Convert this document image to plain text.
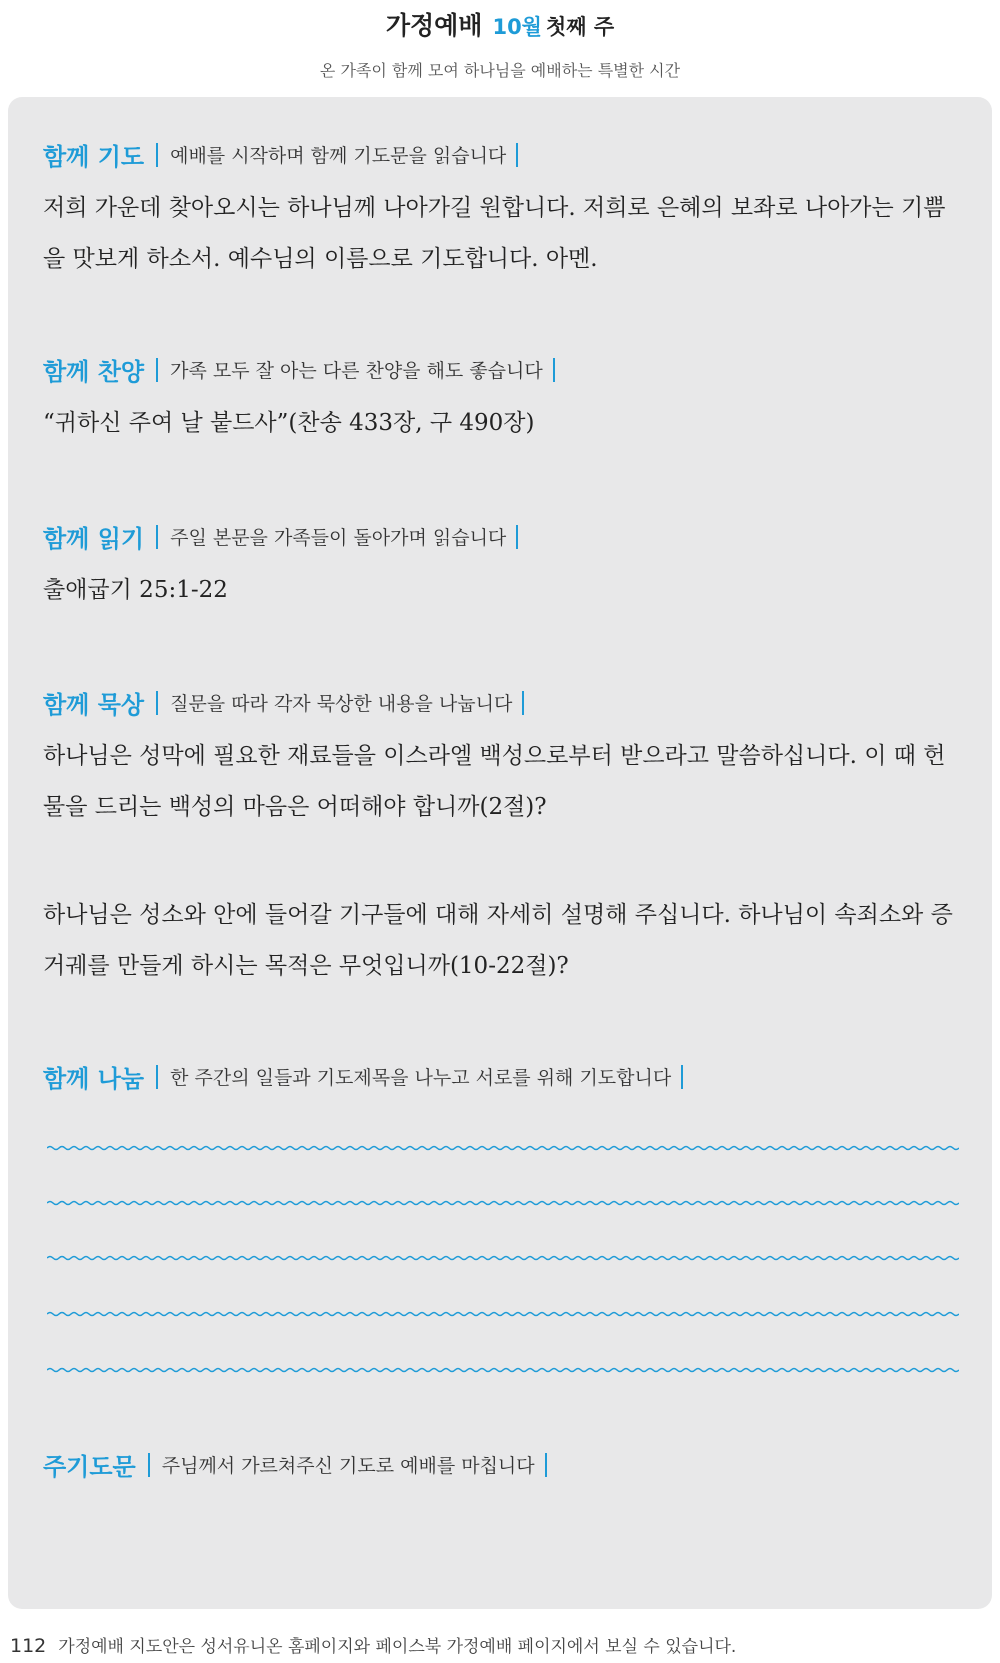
가정예배 10월 첫째 주
온 가족이 함께 모여 하나님을 예배하는 특별한 시간
함께 기도 예배를 시작하며 함께 기도문을 읽습니다

저희 가운데 찾아오시는 하나님께 나아가길 원합니다. 저희로 은혜의 보좌로 나아가는 기쁨을 맛보게 하소서. 예수님의 이름으로 기도합니다. 아멘.

함께 찬양 가족 모두 잘 아는 다른 찬양을 해도 좋습니다

“귀하신 주여 날 붙드사”(찬송 433장, 구 490장)

함께 읽기 주일 본문을 가족들이 돌아가며 읽습니다

출애굽기 25:1-22

함께 묵상 질문을 따라 각자 묵상한 내용을 나눕니다

하나님은 성막에 필요한 재료들을 이스라엘 백성으로부터 받으라고 말씀하십니다. 이 때 헌물을 드리는 백성의 마음은 어떠해야 합니까(2절)?

하나님은 성소와 안에 들어갈 기구들에 대해 자세히 설명해 주십니다. 하나님이 속죄소와 증거궤를 만들게 하시는 목적은 무엇입니까(10-22절)?

함께 나눔 한 주간의 일들과 기도제목을 나누고 서로를 위해 기도합니다
주기도문 주님께서 가르쳐주신 기도로 예배를 마칩니다
112 가정예배 지도안은 성서유니온 홈페이지와 페이스북 가정예배 페이지에서 보실 수 있습니다.
